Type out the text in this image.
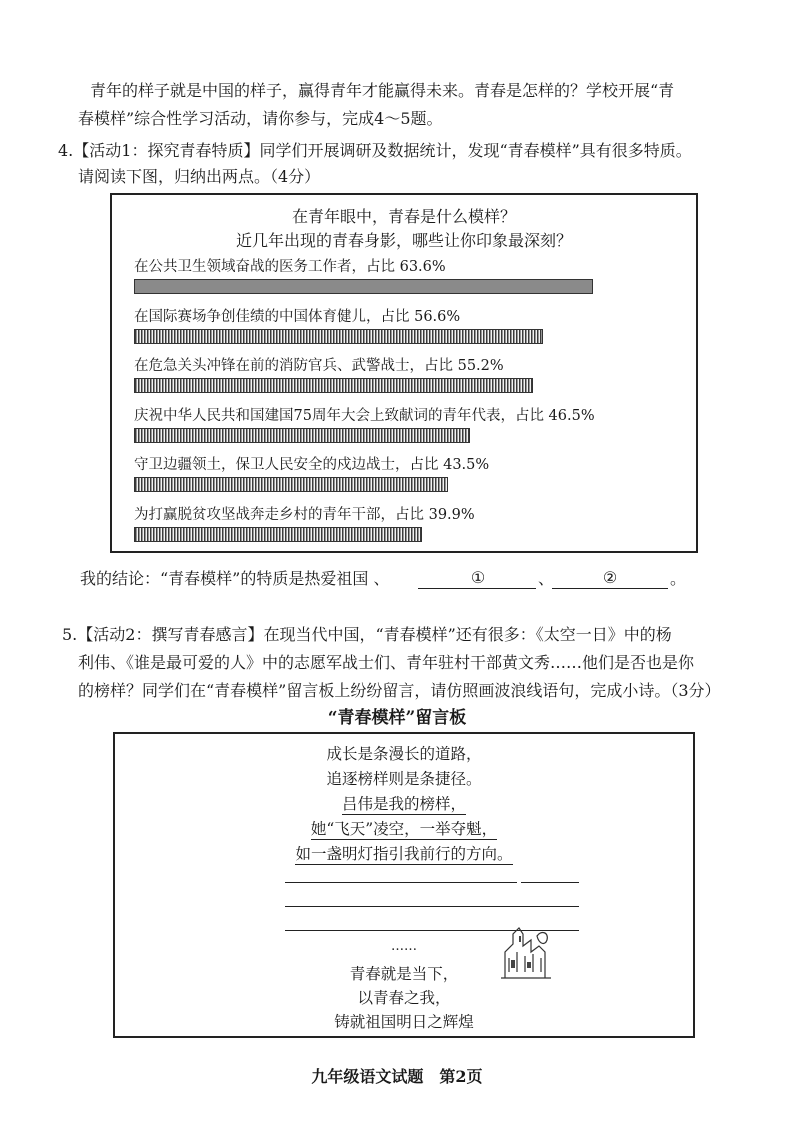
青年的样子就是中国的样子，赢得青年才能赢得未来。青春是怎样的？学校开展“青
春模样”综合性学习活动，请你参与，完成4～5题。
4.【活动1：探究青春特质】同学们开展调研及数据统计，发现“青春模样”具有很多特质。
请阅读下图，归纳出两点。（4分）
在青年眼中，青春是什么模样？
近几年出现的青春身影，哪些让你印象最深刻？
在公共卫生领域奋战的医务工作者，占比 63.6%
在国际赛场争创佳绩的中国体育健儿，占比 56.6%
在危急关头冲锋在前的消防官兵、武警战士，占比 55.2%
庆祝中华人民共和国建国75周年大会上致献词的青年代表，占比 46.5%
守卫边疆领土，保卫人民安全的戍边战士，占比 43.5%
为打赢脱贫攻坚战奔走乡村的青年干部，占比 39.9%
我的结论：“青春模样”的特质是热爱祖国 、	①	、	②	。
5.【活动2：撰写青春感言】在现当代中国，“青春模样”还有很多：《太空一日》中的杨
利伟、《谁是最可爱的人》中的志愿军战士们、青年驻村干部黄文秀……他们是否也是你
的榜样？同学们在“青春模样”留言板上纷纷留言，请仿照画波浪线语句，完成小诗。（3分）
“青春模样”留言板
成长是条漫长的道路，
追逐榜样则是条捷径。
吕伟是我的榜样，
她“飞天”凌空，一举夺魁，
如一盏明灯指引我前行的方向。
……
青春就是当下，
以青春之我，
铸就祖国明日之辉煌
九年级语文试题　第2页
